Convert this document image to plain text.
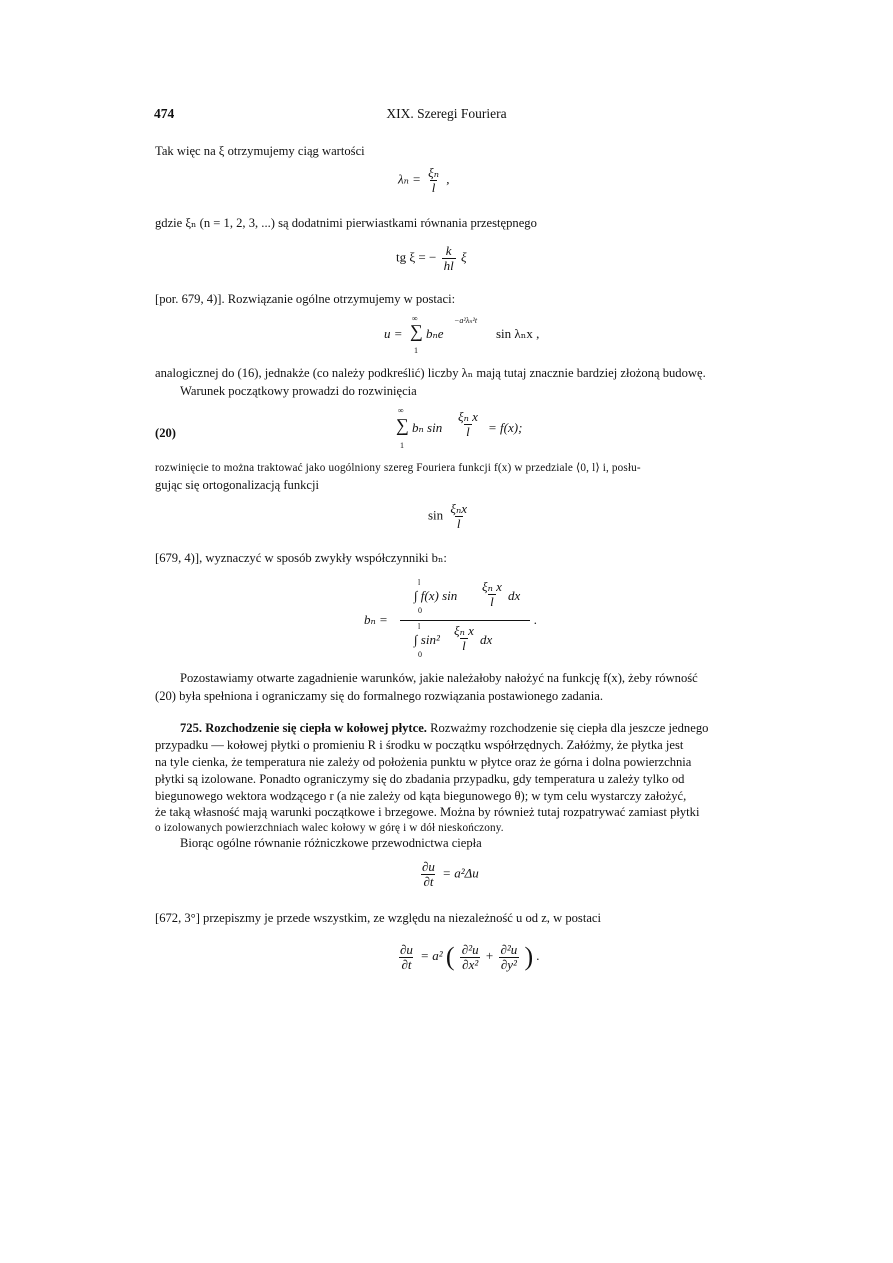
474	XIX. Szeregi Fouriera
Tak więc na ξ otrzymujemy ciąg wartości
$\lambda_n = \frac{\text{ξₙ}}{l}$ ,
gdzie ξₙ (n = 1, 2, 3, ...) są dodatnimi pierwiastkami równania przestępnego
tg ξ = − $\frac{k}{hl}$ ξ
[por. 679, 4)]. Rozwiązanie ogólne otrzymujemy w postaci:
u =
∞
∑
1
bₙe
−a²λₙ²t
sin λₙx ,
analogicznej do (16), jednakże (co należy podkreślić) liczby λₙ mają tutaj znacznie bardziej złożoną budowę.
Warunek początkowy prowadzi do rozwinięcia
(20)
∞
∑
1
bₙ $\sin \frac{\text{ξₙ x}}{l} = f(x)$;
rozwinięcie to można traktować jako uogólniony szereg Fouriera funkcji f(x) w przedziale ⟨0, l⟩ i, posłu-
gując się ortogonalizacją funkcji
$\sin \frac{\text{ξₙx}}{l}$
[679, 4)], wyznaczyć w sposób zwykły współczynniki bₙ:
bₙ =
l
∫ f(x) $\sin \frac{\text{ξₙ x}}{l}$ dx
0
.
l
∫ $\sin^2 \frac{\text{ξₙ x}}{l}$ dx
0
Pozostawiamy otwarte zagadnienie warunków, jakie należałoby nałożyć na funkcję f(x), żeby równość
(20) była spełniona i ograniczamy się do formalnego rozwiązania postawionego zadania.
725. Rozchodzenie się ciepła w kołowej płytce. Rozważmy rozchodzenie się ciepła dla jeszcze jednego
przypadku — kołowej płytki o promieniu R i środku w początku współrzędnych. Załóżmy, że płytka jest
na tyle cienka, że temperatura nie zależy od położenia punktu w płytce oraz że górna i dolna powierzchnia
płytki są izolowane. Ponadto ograniczymy się do zbadania przypadku, gdy temperatura u zależy tylko od
biegunowego wektora wodzącego r (a nie zależy od kąta biegunowego θ); w tym celu wystarczy założyć,
że taką własność mają warunki początkowe i brzegowe. Można by również tutaj rozpatrywać zamiast płytki
o izolowanych powierzchniach walec kołowy w górę i w dół nieskończony.
Biorąc ogólne równanie różniczkowe przewodnictwa ciepła
$\frac{\partial u}{\partial t} = a^2\Delta u$
[672, 3°] przepiszmy je przede wszystkim, ze względu na niezależność u od z, w postaci
$\frac{\partial u}{\partial t} = a^2$ ( $\frac{\text{∂²u}}{\text{∂x²}} + \frac{\text{∂²u}}{\text{∂y²}}$ ) .
